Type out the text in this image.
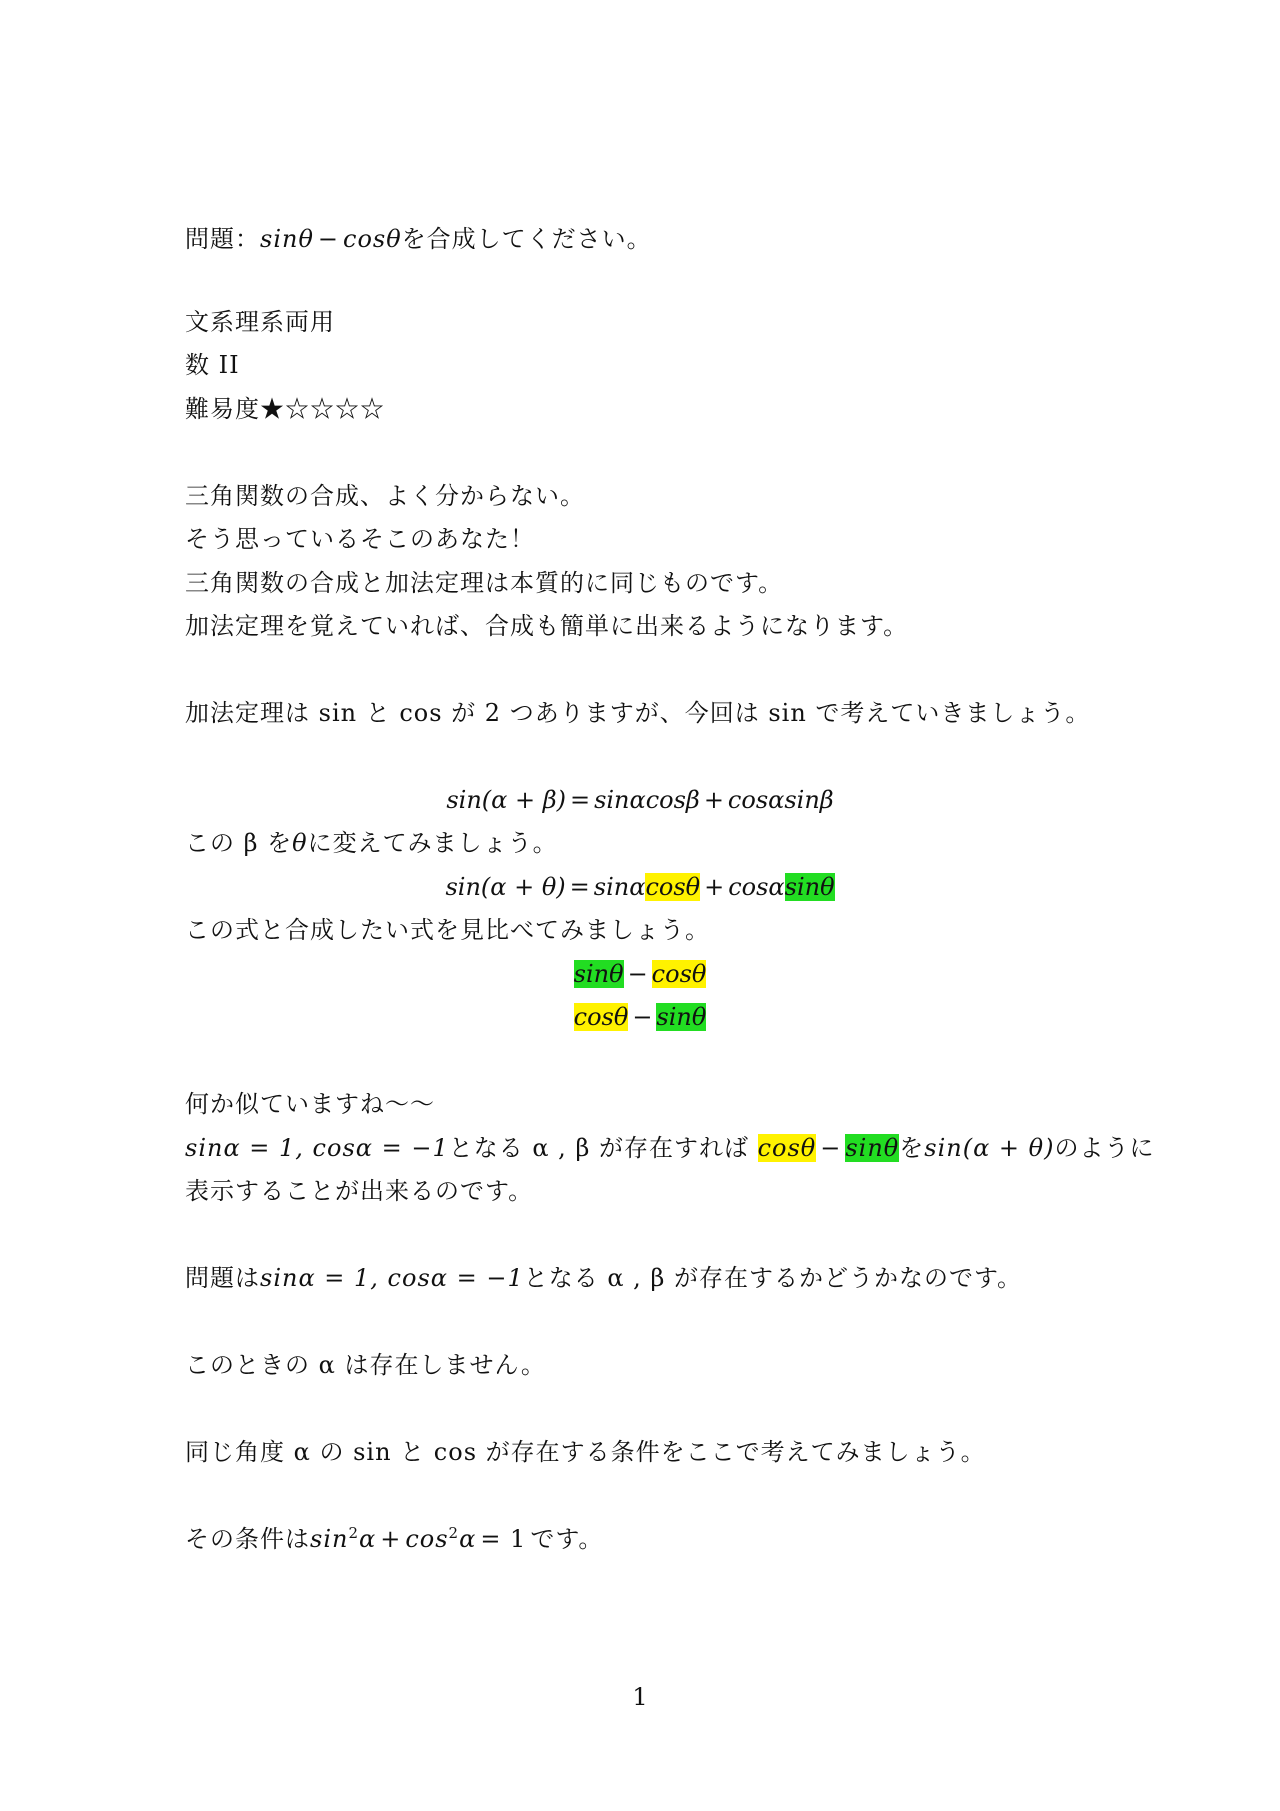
問題：sinθ − cosθを合成してください。
文系理系両用
数 II
難易度★☆☆☆☆
三角関数の合成、よく分からない。
そう思っているそこのあなた！
三角関数の合成と加法定理は本質的に同じものです。
加法定理を覚えていれば、合成も簡単に出来るようになります。
加法定理は sin と cos が 2 つありますが、今回は sin で考えていきましょう。
sin(α + β) = sinαcosβ + cosαsinβ
この β をθに変えてみましょう。
sin(α + θ) = sinαcosθ + cosαsinθ
この式と合成したい式を見比べてみましょう。
sinθ − cosθ
cosθ − sinθ
何か似ていますね〜〜
sinα = 1, cosα = −1となる α , β が存在すれば cosθ − sinθをsin(α + θ)のように
表示することが出来るのです。
問題はsinα = 1, cosα = −1となる α , β が存在するかどうかなのです。
このときの α は存在しません。
同じ角度 α の sin と cos が存在する条件をここで考えてみましょう。
その条件は$\sin^2\alpha + \cos^2\alpha = 1$ です。
1
